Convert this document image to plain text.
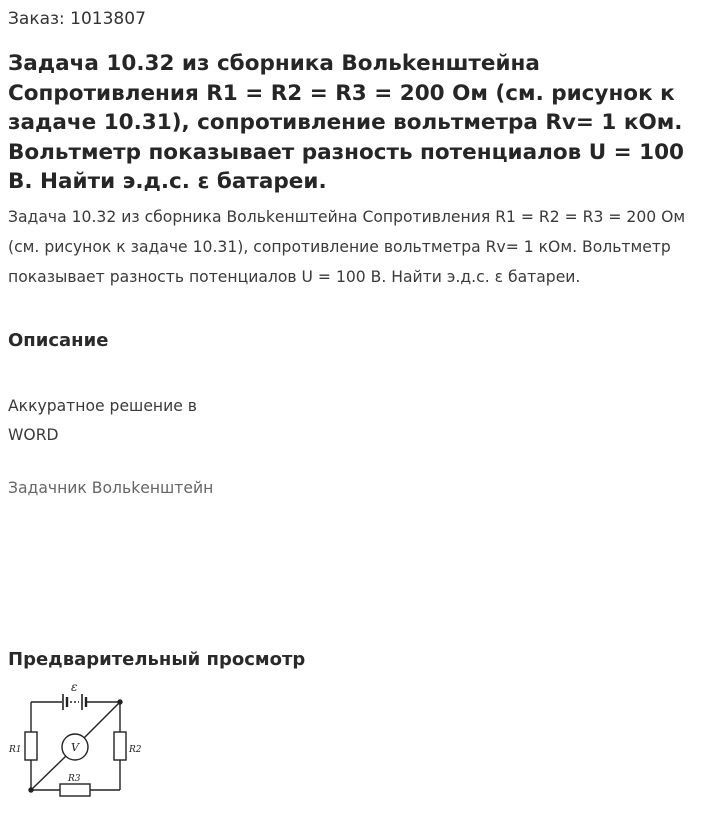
Заказ: 1013807
Задача 10.32 из сборника Вольkенштейна Сопротивления R1 = R2 = R3 = 200 Ом (см. рисунок к задаче 10.31), сопротивление вольтметра Rv= 1 кОм. Вольтметр показывает разность потенциалов U = 100 В. Найти э.д.с. ε батареи.

Задача 10.32 из сборника Вольkенштейна Сопротивления R1 = R2 = R3 = 200 Ом (см. рисунок к задаче 10.31), сопротивление вольтметра Rv= 1 кОм. Вольтметр показывает разность потенциалов U = 100 В. Найти э.д.с. ε батареи.

Описание

Аккуратное решение в WORD

Задачник Вольkенштейн
Предварительный просмотр
ε
V
R1	R2
R3
